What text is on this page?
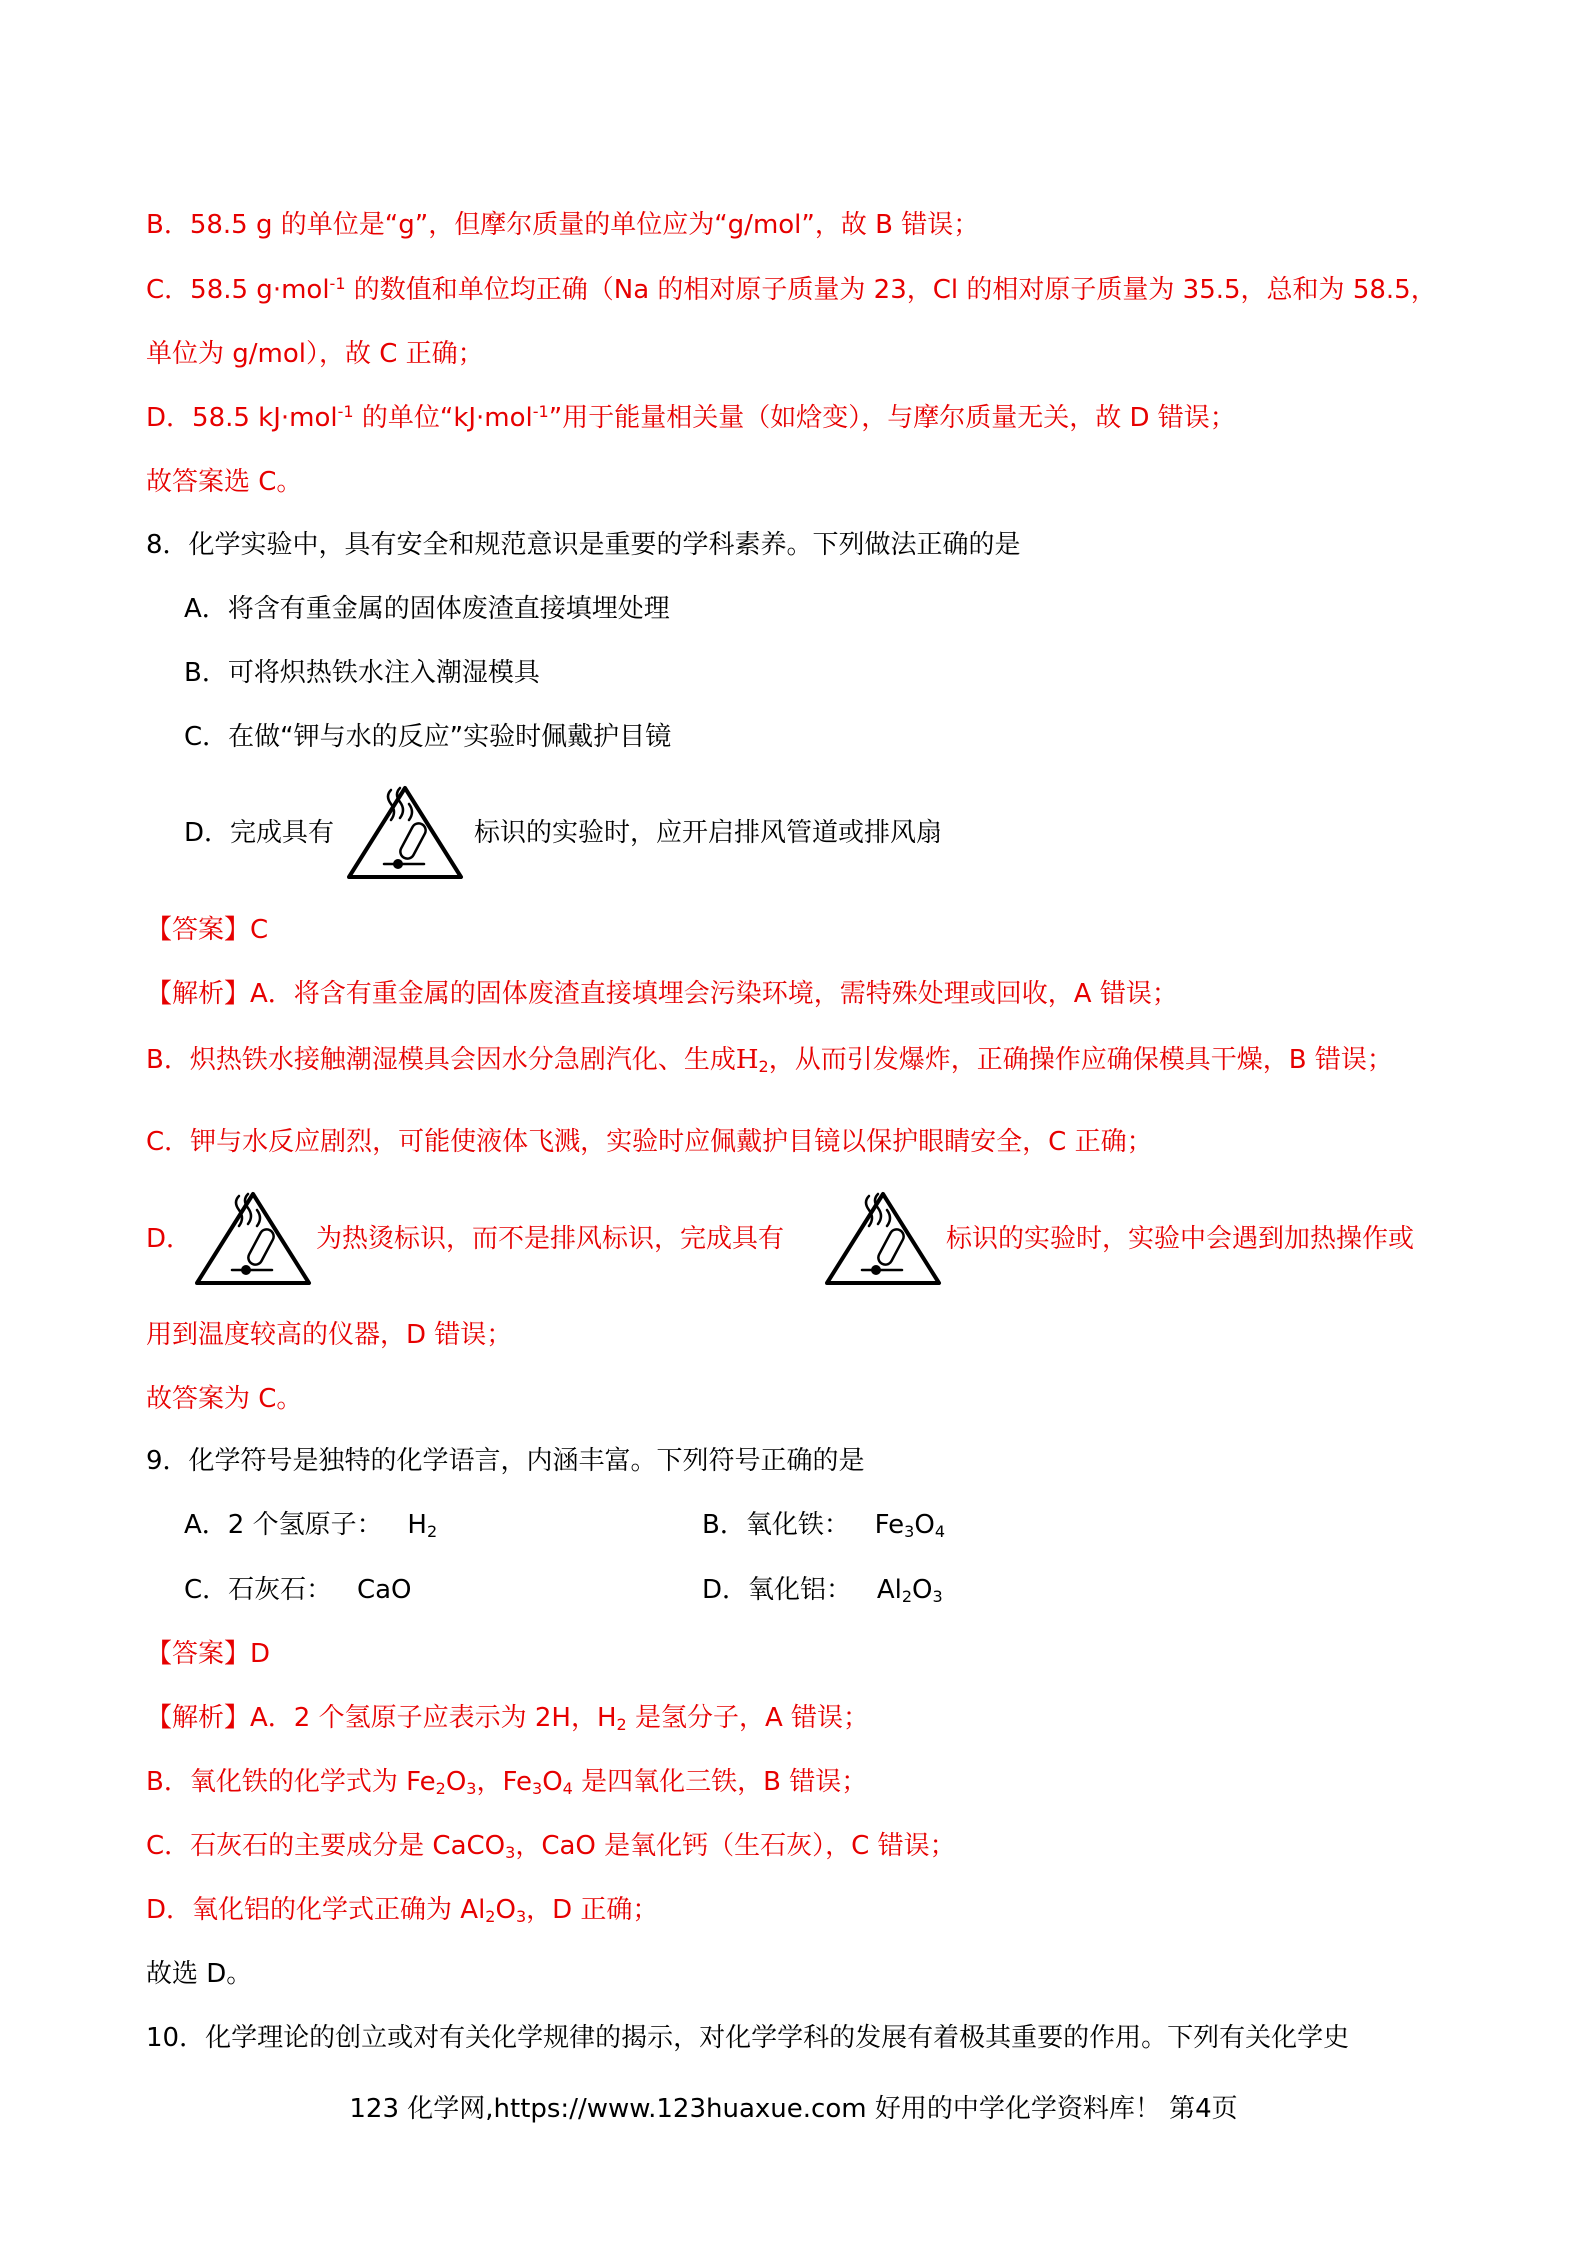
B．58.5 g 的单位是“g”，但摩尔质量的单位应为“g/mol”，故 B 错误；
C．58.5 g·mol$^{-1}$ 的数值和单位均正确（Na 的相对原子质量为 23，Cl 的相对原子质量为 35.5，总和为 58.5，
单位为 g/mol），故 C 正确；
D．58.5 kJ·mol$^{-1}$ 的单位“kJ·mol$^{-1}$”用于能量相关量（如焓变），与摩尔质量无关，故 D 错误；
故答案选 C。
8．化学实验中，具有安全和规范意识是重要的学科素养。下列做法正确的是
A．将含有重金属的固体废渣直接填埋处理
B．可将炽热铁水注入潮湿模具
C．在做“钾与水的反应”实验时佩戴护目镜
D．完成具有	标识的实验时，应开启排风管道或排风扇
【答案】C
【解析】A．将含有重金属的固体废渣直接填埋会污染环境，需特殊处理或回收，A 错误；
B．炽热铁水接触潮湿模具会因水分急剧汽化、生成$H_2$，从而引发爆炸，正确操作应确保模具干燥，B 错误；
C．钾与水反应剧烈，可能使液体飞溅，实验时应佩戴护目镜以保护眼睛安全，C 正确；
D．	为热烫标识，而不是排风标识，完成具有	标识的实验时，实验中会遇到加热操作或
用到温度较高的仪器，D 错误；
故答案为 C。
9．化学符号是独特的化学语言，内涵丰富。下列符号正确的是
A．2 个氢原子： $H_2$	B．氧化铁： $Fe_3O_4$
C．石灰石： CaO	D．氧化铝： $Al_2O_3$
【答案】D
【解析】A．2 个氢原子应表示为 2H，$H_2$ 是氢分子，A 错误；
B．氧化铁的化学式为 $Fe_2O_3$，$Fe_3O_4$ 是四氧化三铁，B 错误；
C．石灰石的主要成分是 CaCO$_3$，CaO 是氧化钙（生石灰），C 错误；
D．氧化铝的化学式正确为 $Al_2O_3$，D 正确；
故选 D。
10．化学理论的创立或对有关化学规律的揭示，对化学学科的发展有着极其重要的作用。下列有关化学史
123 化学网,https://www.123huaxue.com 好用的中学化学资料库！ 第4页
